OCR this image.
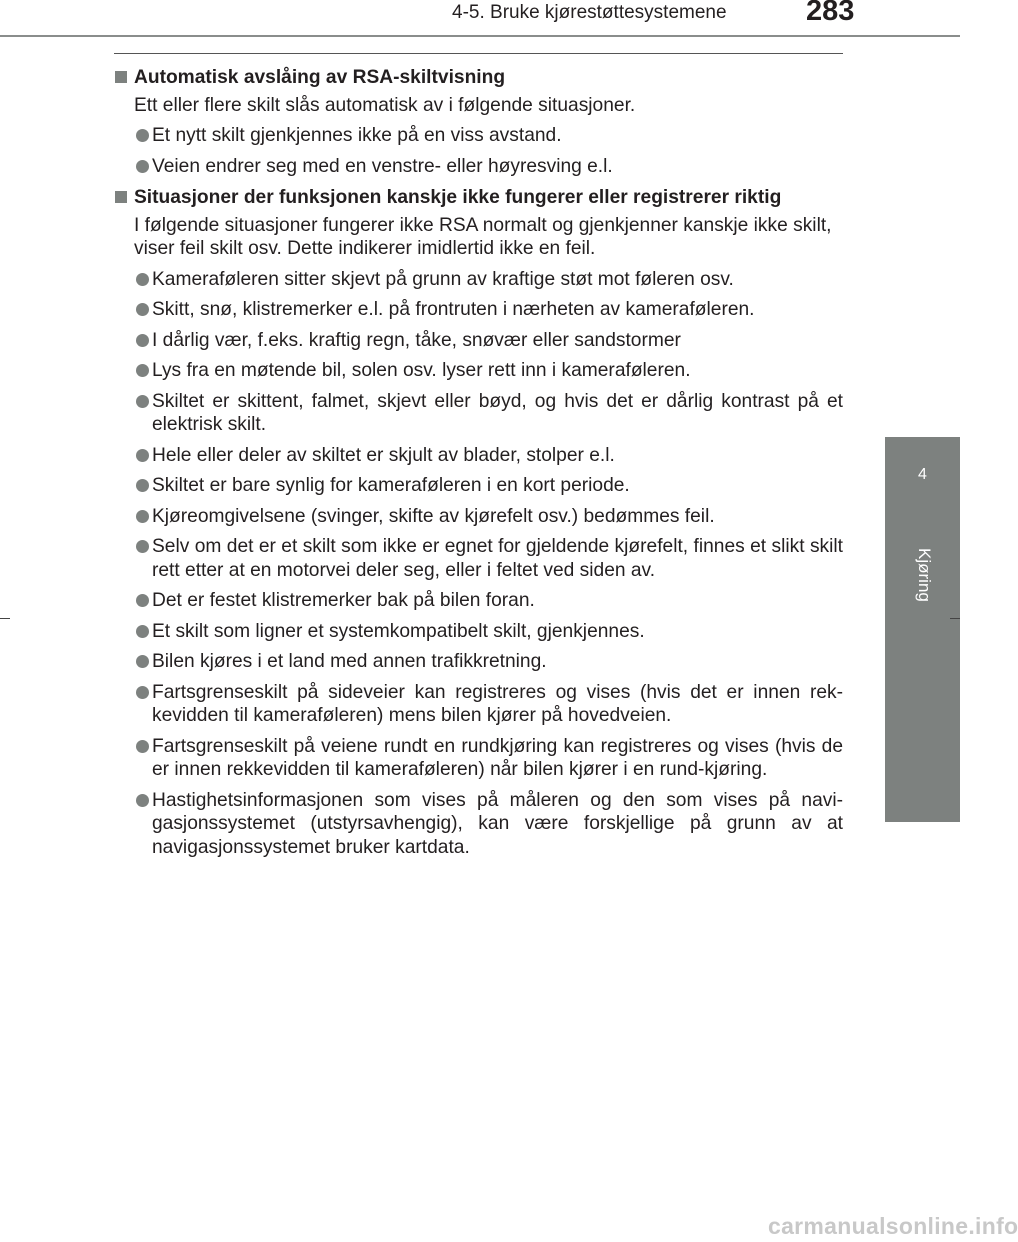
4-5. Bruke kjørestøttesystemene	283
4
Kjøring
Automatisk avslåing av RSA-skiltvisning
Ett eller flere skilt slås automatisk av i følgende situasjoner.
Et nytt skilt gjenkjennes ikke på en viss avstand.
Veien endrer seg med en venstre- eller høyresving e.l.
Situasjoner der funksjonen kanskje ikke fungerer eller registrerer riktig
I følgende situasjoner fungerer ikke RSA normalt og gjenkjenner kanskje ikke skilt, viser feil skilt osv. Dette indikerer imidlertid ikke en feil.
Kameraføleren sitter skjevt på grunn av kraftige støt mot føleren osv.
Skitt, snø, klistremerker e.l. på frontruten i nærheten av kameraføleren.
I dårlig vær, f.eks. kraftig regn, tåke, snøvær eller sandstormer
Lys fra en møtende bil, solen osv. lyser rett inn i kameraføleren.
Skiltet er skittent, falmet, skjevt eller bøyd, og hvis det er dårlig kontrast på et elektrisk skilt.
Hele eller deler av skiltet er skjult av blader, stolper e.l.
Skiltet er bare synlig for kameraføleren i en kort periode.
Kjøreomgivelsene (svinger, skifte av kjørefelt osv.) bedømmes feil.
Selv om det er et skilt som ikke er egnet for gjeldende kjørefelt, finnes et slikt skilt rett etter at en motorvei deler seg, eller i feltet ved siden av.
Det er festet klistremerker bak på bilen foran.
Et skilt som ligner et systemkompatibelt skilt, gjenkjennes.
Bilen kjøres i et land med annen trafikkretning.
Fartsgrenseskilt på sideveier kan registreres og vises (hvis det er innen rek-kevidden til kameraføleren) mens bilen kjører på hovedveien.
Fartsgrenseskilt på veiene rundt en rundkjøring kan registreres og vises (hvis de er innen rekkevidden til kameraføleren) når bilen kjører i en rund-kjøring.
Hastighetsinformasjonen som vises på måleren og den som vises på navi-gasjonssystemet (utstyrsavhengig), kan være forskjellige på grunn av at navigasjonssystemet bruker kartdata.
carmanualsonline.info
